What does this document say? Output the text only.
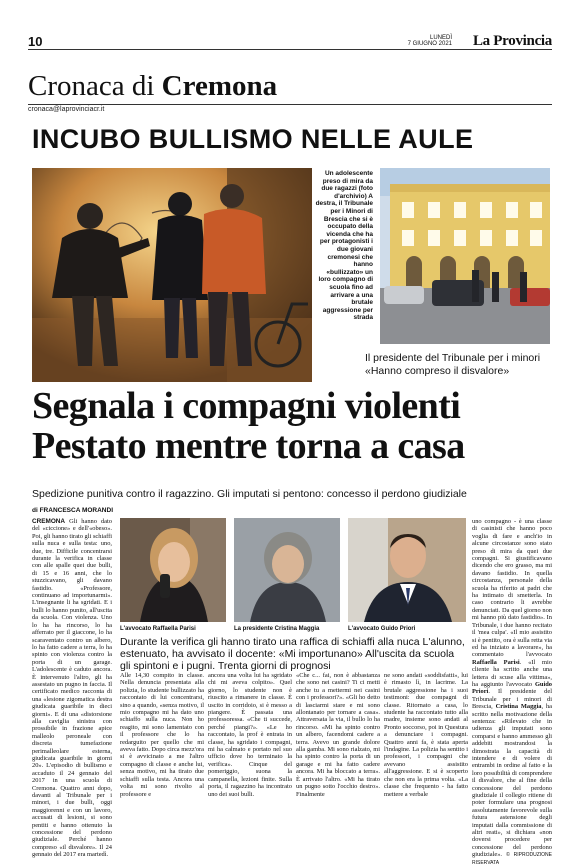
10	LUNEDÌ
7 GIUGNO 2021 La Provincia
Cronaca di Cremona
cronaca@laprovinciacr.it
INCUBO BULLISMO NELLE AULE
Un adolescente preso di mira da due ragazzi (foto d'archivio) A destra, il Tribunale per i Minori di Brescia che si è occupato della vicenda che ha per protagonisti i due giovani cremonesi che hanno «bullizzato» un loro compagno di scuola fino ad arrivare a una brutale aggressione per strada
Il presidente del Tribunale per i minori «Hanno compreso il disvalore»
Segnala i compagni violenti
Pestato mentre torna a casa
Spedizione punitiva contro il ragazzino. Gli imputati si pentono: concesso il perdono giudiziale
di FRANCESCA MORANDI

CREMONA Gli hanno dato del «ciccione» e dell'«obeso». Poi, gli hanno tirato gli schiaffi sulla nuca e sulla testa: uno, due, tre. Difficile concentrarsi durante la verifica in classe con alle spalle quei due bulli, di 15 e 16 anni, che lo stuzzicavano, gli davano fastidio. «Professore, continuano ad importunarmi». L'insegnante li ha sgridati. E i bulli lo hanno punito, all'uscita da scuola. Con violenza. Uno lo ha ha rincorso, lo ha afferrato per il giaccone, lo ha scaraventato contro un albero, lo ha fatto cadere a terra, lo ha spinto con violenza contro la porta di un garage. L'adolescente è caduto ancora. È intervenuto l'altro, gli ha assestato un pugno in faccia. Il certificato medico racconta di una «lesione zigomatica destra giudicata guaribile in dieci giorni». E di una «distorsione alla caviglia sinistra con prossibile in frazione apice malleolo peroneale con discreta tumefazione perimalleolare esterna, giudicata guaribile in giorni 20». L'episodio di bullismo e accaduto il 24 gennaio del 2017 in una scuola di Cremona. Quattro anni dopo, davanti al Tribunale per i minori, i due bulli, oggi maggiorenni e con un lavoro, accusati di lesioni, si sono pentiti e hanno ottenuto la concessione del perdono giudiziale. Perché hanno compreso «il disvalore». Il 24 gennaio del 2017 era martedì.

L'avvocato Raffaella Parisi	La presidente Cristina Maggia	L'avvocato Guido Priori
Durante la verifica gli hanno tirato una raffica di schiaffi alla nuca L'alunno, estenuato, ha avvisato il docente: «Mi importunano» All'uscita da scuola gli spintoni e i pugni. Trenta giorni di prognosi
Alle 14,30 compito in classe. Nella denuncia presentata alla polizia, lo studente bullizzato ha raccontato di lui concentrarsi, sino a quando, «senza motivo, il mio compagno mi ha dato uno schiaffo sulla nuca. Non ho reagito, mi sono lamentato con il professore che lo ha redarguito per quello che mi aveva fatto. Dopo circa mezz'ora si è avvicinato a me l'altro compagno di classe e anche lui, senza motivo, mi ha tirato due schiaffi sulla testa. Ancora una volta mi sono rivolto al professore e
ancora una volta lui ha sgridato chi mi aveva colpito». Quel giorno, lo studente non è riuscito a rimanere in classe. È uscito in corridoio, si è messo a piangere. È passata una professoressa. «Che ti succede, perché piangi?». «Le ho raccontato, la prof è entrata in classe, ha sgridato i compagni, mi ha calmato e portato nel suo ufficio dove ho terminato la verifica». Cinque del pomeriggio, suona la campanella, lezioni finite. Sulla porta, il ragazzino ha incontrato uno dei suoi bulli.
«Che c... fai, non è abbastanza che sono nei casini? Ti ci metti anche tu a mettermi nei casini con i professori?». «Gli ho detto di lasciarmi stare e mi sono allontanato per tornare a casa». Attraversata la via, il bullo lo ha rincorso. «Mi ha spinto contro un albero, facendomi cadere a terra. Avevo un grande dolore alla gamba. Mi sono rialzato, mi ha spinto contro la porta di un garage e mi ha fatto cadere ancora. Mi ha bloccato a terra». È arrivato l'altro. «Mi ha tirato un pugno sotto l'occhio destro». Finalmente
ne sono andati «soddisfatti», lui è rimasto lì, in lacrime. La brutale aggressione ha i suoi testimoni: due compagni di classe. Ritornato a casa, lo studente ha raccontato tutto alla madre, insieme sono andati al Pronto soccorso, poi in Questura a denunciare i compagni. Quattro anni fa, è stata aperta l'indagine. La polizia ha sentito i professori, i compagni che avevano assistito all'aggressione. E si è scoperto che non era la prima volta. «La classe che frequento - ha fatto mettere a verbale

uno compagno - è una classe di casinisti che hanno poco voglia di fare e anch'io in alcune circostanze sono stato preso di mira da quei due compagni. Si giustificavano dicendo che ero grasso, ma mi davano fastidio. In quella circostanza, personale della scuola ha riferito ai padri che ha intimato di smetterla. In caso contrario li avrebbe denunciati. Da quel giorno non mi hanno più dato fastidio». In Tribunale, i due hanno recitato il 'mea culpa'. «Il mio assistito si è pentito, ora è sulla retta via ed ha iniziato a lavorare», ha commentato l'avvocato Raffaella Parisi. «Il mio cliente ha scritto anche una lettera di scuse alla vittima», ha aggiunto l'avvocato Guido Priori. Il presidente del Tribunale per i minori di Brescia, Cristina Maggia, ha scritto nella motivazione della sentenza: «Rilevato che in udienza gli imputati sono comparsi e hanno ammesso gli addebiti mostrandosi la dimostrata la capacità di intendere e di volere di entrambi in ordine al fatto e la loro possibilità di comprendere il disvalore, che al fine della concessione del perdono giudiziale il collegio ritiene di poter formulare una prognosi assolutamente favorevole sulla futura astensione degli imputati dalla commissione di altri reati», si dichiara «non doversi procedere per concessione del perdono giudiziale». © RIPRODUZIONE RISERVATA
